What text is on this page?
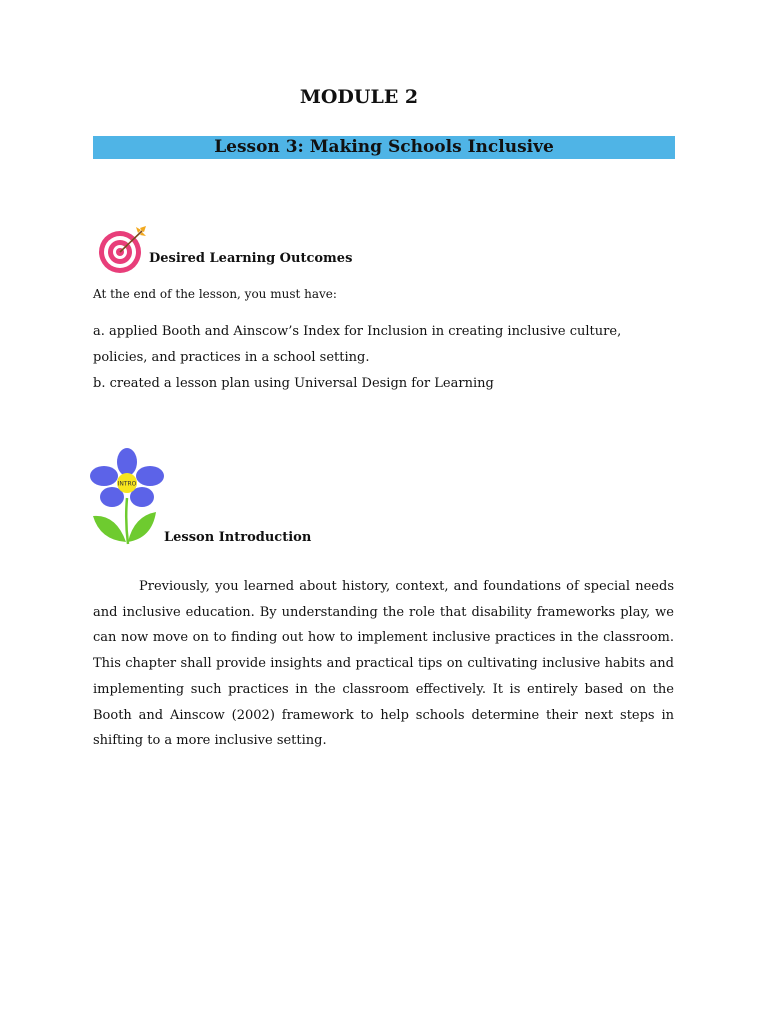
MODULE 2
Lesson 3: Making Schools Inclusive
Desired Learning Outcomes
At the end of the lesson, you must have:

a. applied Booth and Ainscow’s Index for Inclusion in creating inclusive culture, policies, and practices in a school setting.

b. created a lesson plan using Universal Design for Learning

INTRO
Lesson Introduction

Previously, you learned about history, context, and foundations of special needs and inclusive education. By understanding the role that disability frameworks play, we can now move on to finding out how to implement inclusive practices in the classroom. This chapter shall provide insights and practical tips on cultivating inclusive habits and implementing such practices in the classroom effectively. It is entirely based on the Booth and Ainscow (2002) framework to help schools determine their next steps in shifting to a more inclusive setting.
